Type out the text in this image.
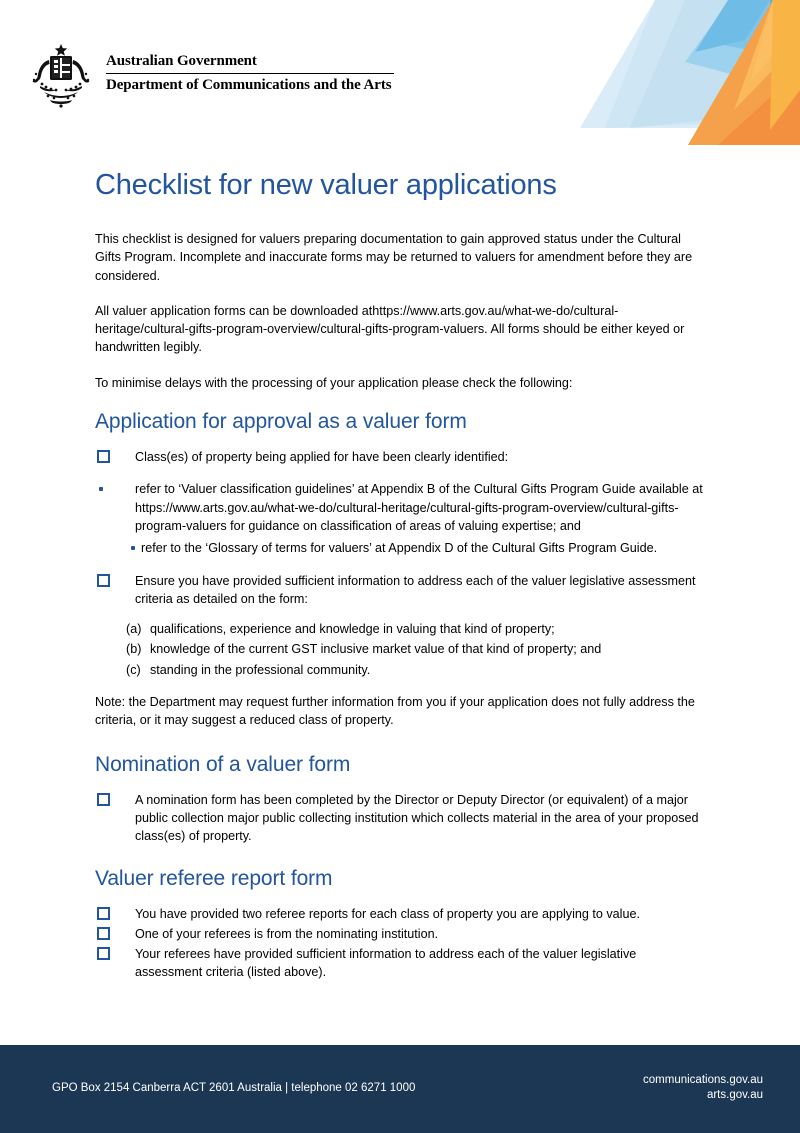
Australian Government
Department of Communications and the Arts
Checklist for new valuer applications

This checklist is designed for valuers preparing documentation to gain approved status under the Cultural Gifts Program. Incomplete and inaccurate forms may be returned to valuers for amendment before they are considered.

All valuer application forms can be downloaded athttps://www.arts.gov.au/what-we-do/cultural-heritage/cultural-gifts-program-overview/cultural-gifts-program-valuers. All forms should be either keyed or handwritten legibly.

To minimise delays with the processing of your application please check the following:

Application for approval as a valuer form
Class(es) of property being applied for have been clearly identified:
refer to ‘Valuer classification guidelines’ at Appendix B of the Cultural Gifts Program Guide available at https://www.arts.gov.au/what-we-do/cultural-heritage/cultural-gifts-program-overview/cultural-gifts-program-valuers for guidance on classification of areas of valuing expertise; and
refer to the ‘Glossary of terms for valuers’ at Appendix D of the Cultural Gifts Program Guide.
Ensure you have provided sufficient information to address each of the valuer legislative assessment criteria as detailed on the form:
(a) qualifications, experience and knowledge in valuing that kind of property;
(b) knowledge of the current GST inclusive market value of that kind of property; and
(c) standing in the professional community.

Note: the Department may request further information from you if your application does not fully address the criteria, or it may suggest a reduced class of property.

Nomination of a valuer form
A nomination form has been completed by the Director or Deputy Director (or equivalent) of a major public collection major public collecting institution which collects material in the area of your proposed class(es) of property.
Valuer referee report form
You have provided two referee reports for each class of property you are applying to value.
One of your referees is from the nominating institution.
Your referees have provided sufficient information to address each of the valuer legislative assessment criteria (listed above).
GPO Box 2154 Canberra ACT 2601 Australia | telephone 02 6271 1000
communications.gov.au
arts.gov.au
